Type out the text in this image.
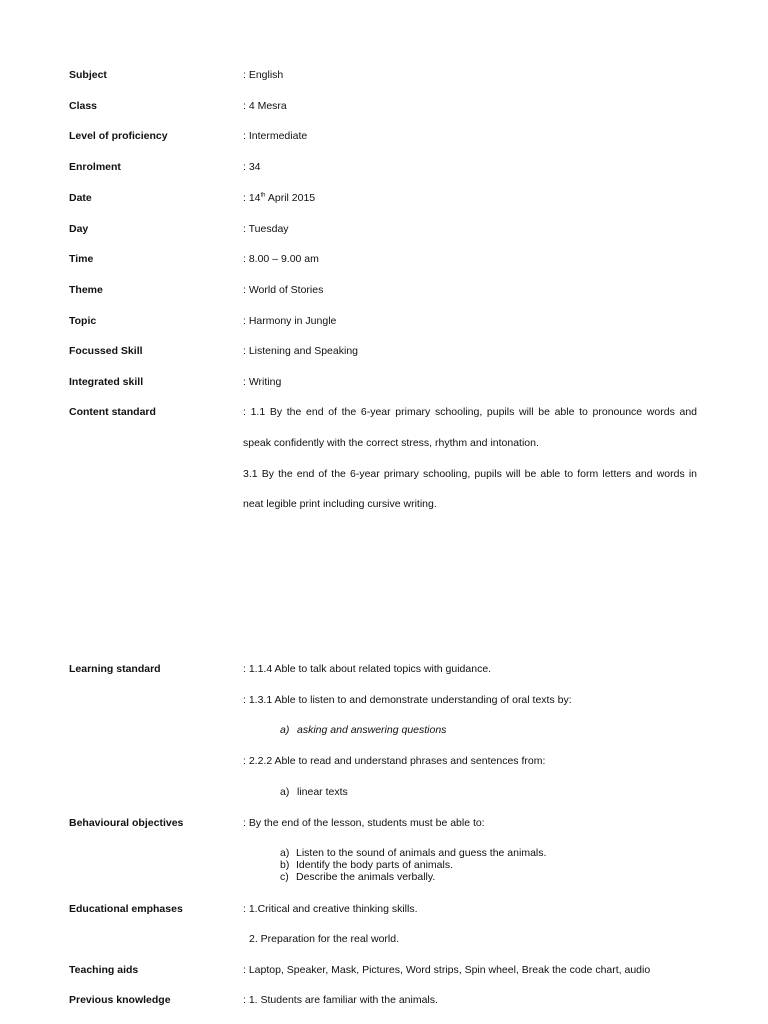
Subject	: English
Class	: 4 Mesra
Level of proficiency	: Intermediate
Enrolment	: 34
Date	: 14th April 2015
Day	: Tuesday
Time	: 8.00 – 9.00 am
Theme	: World of Stories
Topic	: Harmony in Jungle
Focussed Skill	: Listening and Speaking
Integrated skill	: Writing
Content standard	: 1.1 By the end of the 6-year primary schooling, pupils will be able to pronounce words and
speak confidently with the correct stress, rhythm and intonation.
3.1 By the end of the 6-year primary schooling, pupils will be able to form letters and words in
neat legible print including cursive writing.
Learning standard	: 1.1.4 Able to talk about related topics with guidance.
: 1.3.1 Able to listen to and demonstrate understanding of oral texts by:
a) asking and answering questions
: 2.2.2 Able to read and understand phrases and sentences from:
a) linear texts
Behavioural objectives	: By the end of the lesson, students must be able to:
a) Listen to the sound of animals and guess the animals.
b) Identify the body parts of animals.
c) Describe the animals verbally.
Educational emphases	: 1.Critical and creative thinking skills.
2. Preparation for the real world.
Teaching aids	: Laptop, Speaker, Mask, Pictures, Word strips, Spin wheel, Break the code chart, audio
Previous knowledge	: 1. Students are familiar with the animals.
